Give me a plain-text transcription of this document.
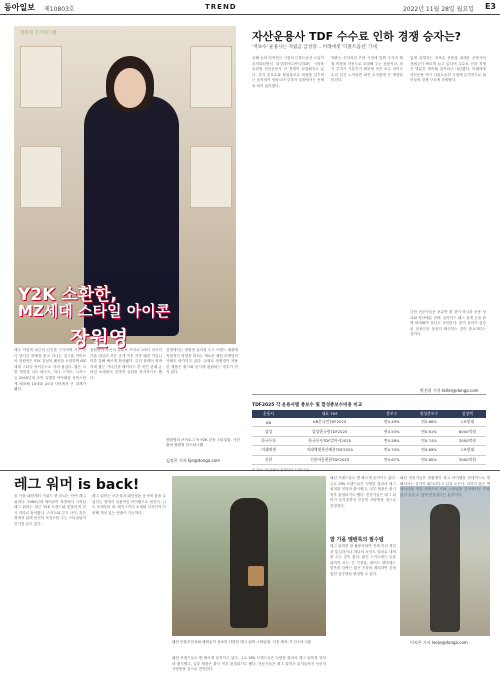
동아일보 제10803호	TREND	2022년 11월 28일 월요일 E3
장원영 인스타그램
Y2K 소환한,
MZ세대 스타일 아이콘
장원영
매주 이렇게 최근의 인기를 구가하며 시즌 마다 남다른 화제를 몰고 다니는 걸그룹 아이브의 장원영은 Y2K 감성의 패션을 소화하며 MZ세대 스타일 아이콘으로 자리 잡았다. 짧은 크롭 재킷과 니트 베스트, 미니 스커트, 니삭스 등 2000년대 초반 유행한 아이템을 자연스럽게 매치해 10대와 20대 사이에서 큰 화제가 됐다.
장원영이 자신의 유튜브 브이로그에서 선보인 가을 데일리 룩은 공개 직후 각종 패션 커뮤니티를 통해 빠르게 확산됐다. 특히 플레어 청바지에 짧은 카디건을 레이어드 한 룩은 한때 온라인 쇼핑몰의 검색어 상위를 차지하기도 했다.
업계에서는 장원영 효과를 두고 브랜드 매출에 직접적인 영향을 미치는 새로운 셀럽 마케팅의 사례로 평가하고 있다. 실제로 장원영이 착용한 제품은 출시와 동시에 완판되는 경우가 적지 않다.
장원영의 브이로그 속 Y2K 감성 스타일링. 사진 출처 장원영 인스타그램
김정은 기자 kje@donga.com
자산운용사 TDF 수수료 인하 경쟁 승자는?
'저보수' 운용사는 적립금 급성장… 미래에셋 '디폴트옵션' 가세
올해 들어 퇴직연금 시장의 디폴트옵션 도입이 본격화되면서 타깃데이트펀드(TDF) 시장을 둘러싼 자산운용사 간 경쟁이 치열해지고 있다. 특히 총보수와 합성총보수 비용을 낮추려는 움직임이 잇따르며 투자자 입장에서는 선택의 폭이 넓어졌다.
TDF는 투자자의 은퇴 시점에 맞춰 주식과 채권 비중을 자동으로 조절해 주는 상품이다. 장기 투자가 기본이기 때문에 작은 보수 차이도 수십 년간 누적되면 최종 수익률에 큰 영향을 미친다.
업계 관계자는 저보수 상품을 내세운 운용사의 적립금이 빠르게 늘고 있다며 수수료 인하 경쟁은 당분간 계속될 것이라고 내다봤다. 미래에셋자산운용 역시 디폴트옵션 시장에 본격적으로 뛰어들며 경쟁 구도에 가세했다.
다만 전문가들은 보수만 볼 것이 아니라 운용 성과와 자산배분 전략, 글라이드 패스 설계 등을 함께 따져봐야 한다고 조언한다. 장기 성과가 검증된 상품인지 꼼꼼히 확인하는 것이 중요하다는 것이다.
박선희 기자 teller@donga.com
TDF2025 각 운용사별 총보수 및 합성총보수비용 비교
운용사	대표 TDF	총보수	합성총보수	설정액
KB	KB온국민TDF2025	연0.49%	연0.66%	1조원대
삼성	삼성한국형TDF2025	연0.53%	연0.61%	6000억원
한국투자	한국투자TDF알아서2025	연0.58%	연0.74%	2000억원
미래에셋	미래에셋자산배분TDF2025	연0.70%	연0.89%	1조원대
신한	신한마음편한TDF2025	연0.67%	연0.80%	3000억원
레그 워머 is back!
올 가을 패션계의 키워드 중 하나는 단연 레그 워머다. 1980년대 에어로빅 복장에서 시작된 레그 워머는 최근 Y2K 트렌드와 맞물리며 다시 거리로 돌아왔다. 스커트와 부츠 사이, 혹은 청바지 위에 덧신어 포인트를 주는 스타일링이 인기를 끌고 있다.
레그 워머는 보온성과 패션성을 동시에 잡을 수 있다는 점에서 실용적인 아이템으로 꼽힌다. 니트 소재부터 퍼, 레이스까지 소재와 디자인이 다양해 개성 있는 연출이 가능하다.
패션 인플루언서와 셀럽들이 선보인 다양한 레그 워머 스타일링. 사진 출처 각 인스타그램
패션 브랜드들도 발 빠르게 움직이고 있다. 주요 SPA 브랜드들은 다양한 컬러의 레그 워머를 잇따라 출시했고, 일부 제품은 출시 직후 품절되기도 했다. 전문가들은 레그 워머가 올겨울까지 꾸준히 사랑받을 것으로 전망한다.
패션 브랜드들도 발 빠르게 움직이고 있다. 주요 SPA 브랜드들은 다양한 컬러의 레그 워머를 잇따라 출시했고, 일부 제품은 출시 직후 품절되기도 했다. 전문가들은 레그 워머가 올겨울까지 꾸준히 사랑받을 것으로 전망한다.
팝 가을 멜팬룩의 필수템
레그 워머를 잘 활용하려면 전체 룩의 색감을 통일하거나 하나의 포인트 컬러로 대비를 주는 것이 좋다. 짧은 스커트에는 무릎 위까지 오는 긴 기장을, 와이드 팬츠에는 발목을 감싸는 짧은 기장을 매치하면 균형 잡힌 실루엣을 완성할 수 있다.
패션 전문가들은 장원영이 복고 아이템을 현대적으로 재해석하는 감각이 뛰어나다고 입을 모은다. 과하지 않은 액세서리와 색감 조합으로 Y2K 스타일을 일상에서도 부담 없이 입을 수 있게 만들었다는 분석이다.
이지은 기자 leeje@donga.com
